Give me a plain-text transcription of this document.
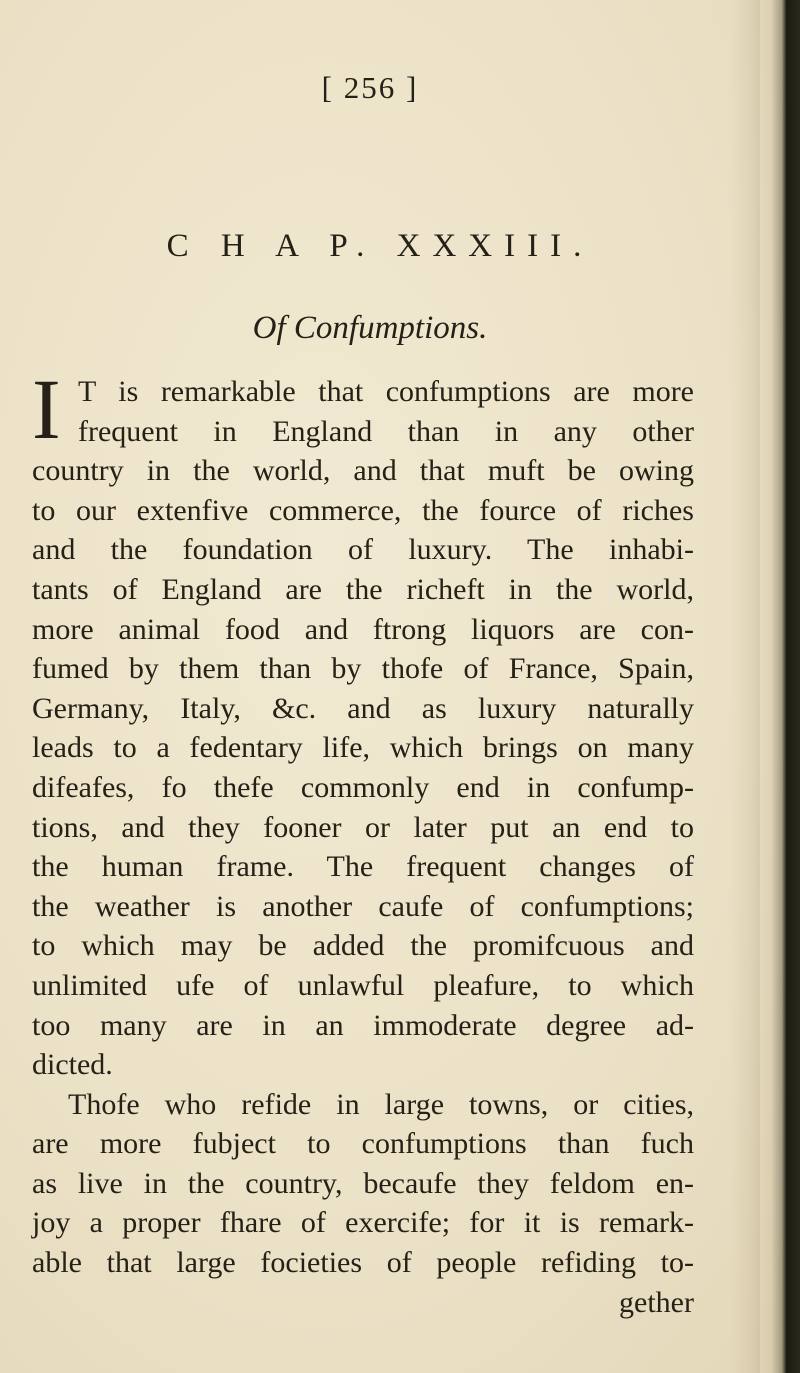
[ 256 ]
C H A P. XXXIII.
Of Confumptions.
I T is remarkable that confumptions are more
frequent in England than in any other
country in the world, and that muft be owing
to our extenfive commerce, the fource of riches
and the foundation of luxury. The inhabi-
tants of England are the richeft in the world,
more animal food and ftrong liquors are con-
fumed by them than by thofe of France, Spain,
Germany, Italy, &c. and as luxury naturally
leads to a fedentary life, which brings on many
difeafes, fo thefe commonly end in confump-
tions, and they fooner or later put an end to
the human frame. The frequent changes of
the weather is another caufe of confumptions;
to which may be added the promifcuous and
unlimited ufe of unlawful pleafure, to which
too many are in an immoderate degree ad-
dicted.
Thofe who refide in large towns, or cities,
are more fubject to confumptions than fuch
as live in the country, becaufe they feldom en-
joy a proper fhare of exercife; for it is remark-
able that large focieties of people refiding to-
gether
